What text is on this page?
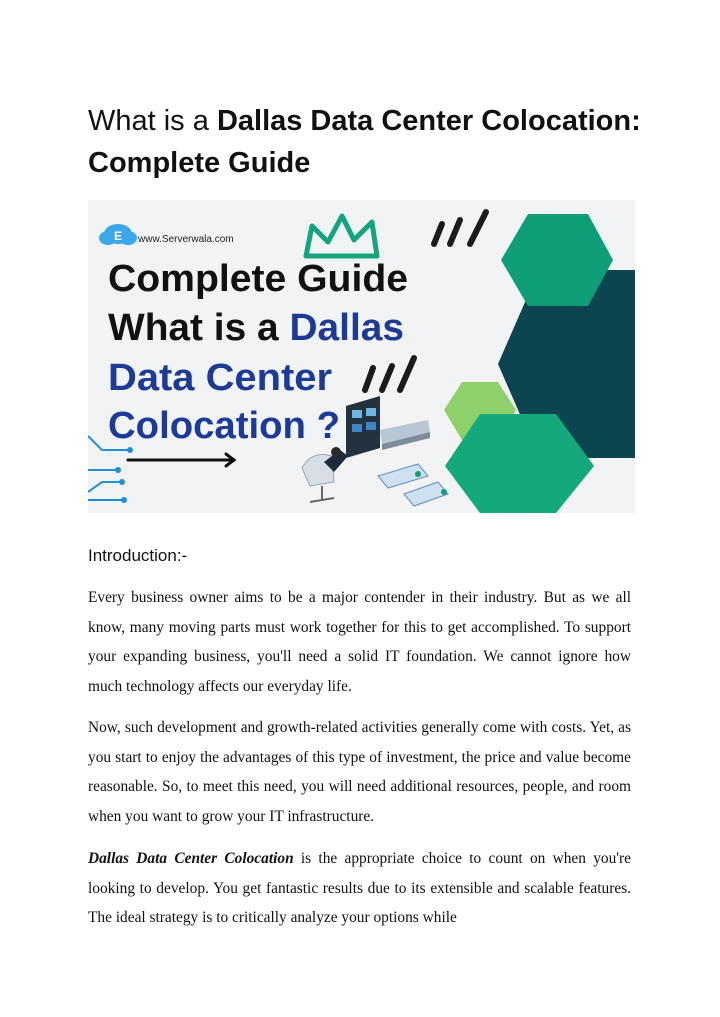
What is a Dallas Data Center Colocation: Complete Guide
E www.Serverwala.com
Complete Guide
What is a Dallas
Data Center
Colocation ?
Introduction:-

Every business owner aims to be a major contender in their industry. But as we all know, many moving parts must work together for this to get accomplished. To support your expanding business, you'll need a solid IT foundation. We cannot ignore how much technology affects our everyday life.

Now, such development and growth-related activities generally come with costs. Yet, as you start to enjoy the advantages of this type of investment, the price and value become reasonable. So, to meet this need, you will need additional resources, people, and room when you want to grow your IT infrastructure.

Dallas Data Center Colocation is the appropriate choice to count on when you're looking to develop. You get fantastic results due to its extensible and scalable features. The ideal strategy is to critically analyze your options while
